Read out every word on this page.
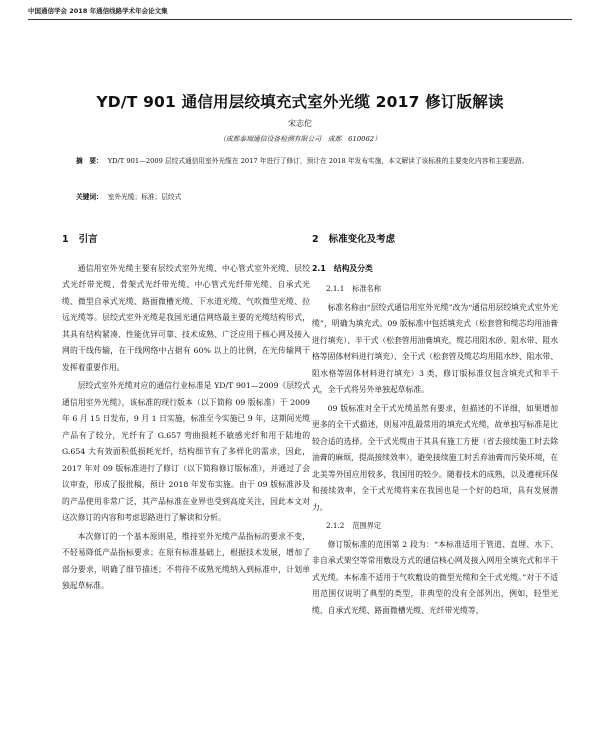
中国通信学会 2018 年通信线路学术年会论文集
YD/T 901 通信用层绞填充式室外光缆 2017 修订版解读
宋志佗
（成都泰瑞通信设备检测有限公司　成都　610062）
摘　要： YD/T 901—2009 层绞式通信用室外光缆在 2017 年进行了修订，预计在 2018 年发布实施，本文解读了该标准的主要变化内容和主要思路。
关键词： 室外光缆；标准；层绞式
1 引言

通信用室外光缆主要有层绞式室外光缆、中心管式室外光缆、层绞式光纤带光缆、骨架式光纤带光缆、中心管式光纤带光缆、自承式光缆、微型自承式光缆、路面微槽光缆、下水道光缆、气吹微型光缆、拉远光缆等。层绞式室外光缆是我国光通信网络最主要的光缆结构形式，其具有结构紧凑、性能优异可靠、技术成熟、广泛应用于核心网及接入网的干线传输，在干线网络中占据有 60% 以上的比例，在光传输网干发挥着重要作用。

层绞式室外光缆对应的通信行业标准是 YD/T 901—2009《层绞式通信用室外光缆》，该标准的现行版本（以下简称 09 版标准）于 2009 年 6 月 15 日发布，9 月 1 日实施，标准至今实施已 9 年，这期间光缆产品有了较分，光纤有了 G.657 弯曲损耗不敏感光纤和用于陆地的 G.654 大有效面积低损耗光纤，结构细节有了多样化的需求，因此，2017 年对 09 版标准进行了修订（以下简称修订版标准），并通过了会议审查，形成了报批稿，预计 2018 年发布实施。由于 09 版标准涉及的产品使用非常广泛，其产品标准在业界也受到高度关注，因此本文对这次修订的内容和考虑思路进行了解读和分析。

本次修订的一个基本原则是，维持室外光缆产品指标的要求不变，不轻易降低产品指标要求；在原有标准基础上，根据技术发展，增加了部分要求，明确了细节描述；不将待不成熟光缆纳入到标准中，计划单独起草标准。

2 标准变化及考虑
2.1 结构及分类
2.1.1 标准名称

标准名称由“层绞式通信用室外光缆”改为“通信用层绞填充式室外光缆”，明确为填充式。09 版标准中包括填充式（松套管和缆芯均用油膏进行填充）、半干式（松套管用油膏填充，缆芯用阻水砂、阻水带、阻水格等固体材料进行填充）、全干式（松套管及缆芯均用阻水纱、阻水带、阻水格等固体材料进行填充）3 类，修订版标准仅包含填充式和半干式，全干式将另外单独起草标准。

09 版标准对全干式光缆虽然有要求，但描述的不详细，如果增加更多的全干式描述，则易冲乱最常用的填充式光缆，故单独写标准是比较合适的选择。全干式光缆由于其具有施工方便（省去接续施工时去除油膏的麻烦，提高接续效率），避免接续施工时丢弃油膏而污染环境，在北美等外国应用较多，我国用的较少。随着技术的成熟，以及遵视环保和接续效率，全干式光缆将来在我国也是一个好的趋项，具有发展潜力。

2.1.2 范围界定

修订版标准的范围第 2 段为：“本标准适用于管道、直埋、水下、非自承式架空等常用敷设方式的通信核心网及接入网用全填充式和半干式光缆。本标准不适用于气吹敷设的微型光缆和全干式光缆。”对于不适用范围仅说明了典型的类型，非典型的没有全部列出，例如，轻型光缆、自承式光缆、路面微槽光缆、光纤带光缆等，
